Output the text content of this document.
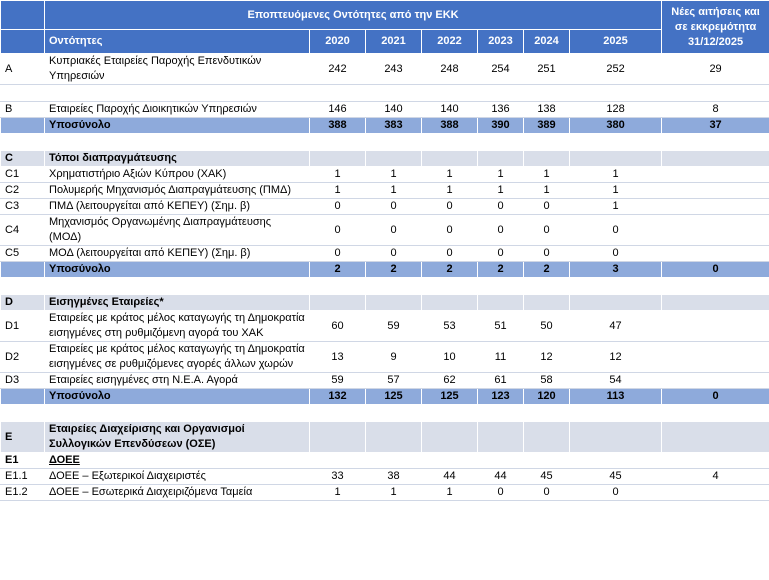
	Εποπτευόμενες Οντότητες από την ΕΚΚ							Νέες αιτήσεις και σε εκκρεμότητα 31/12/2025
	Οντότητες	2020	2021	2022	2023	2024	2025	
A	Κυπριακές Εταιρείες Παροχής Επενδυτικών Υπηρεσιών	242	243	248	254	251	252	29

B	Εταιρείες Παροχής Διοικητικών Υπηρεσιών	146	140	140	136	138	128	8
	Υποσύνολο	388	383	388	390	389	380	37

C	Τόποι διαπραγμάτευσης							
C1	Χρηματιστήριο Αξιών Κύπρου (ΧΑΚ)	1	1	1	1	1	1	
C2	Πολυμερής Μηχανισμός Διαπραγμάτευσης (ΠΜΔ)	1	1	1	1	1	1	
C3	ΠΜΔ (λειτουργείται από ΚΕΠΕΥ) (Σημ. β)	0	0	0	0	0	1	
C4	Μηχανισμός Οργανωμένης Διαπραγμάτευσης (ΜΟΔ)	0	0	0	0	0	0	
C5	ΜΟΔ (λειτουργείται από ΚΕΠΕΥ) (Σημ. β)	0	0	0	0	0	0	
	Υποσύνολο	2	2	2	2	2	3	0

D	Εισηγμένες Εταιρείες*							
D1	Εταιρείες με κράτος μέλος καταγωγής τη Δημοκρατία εισηγμένες στη ρυθμιζόμενη αγορά του ΧΑΚ	60	59	53	51	50	47	
D2	Εταιρείες με κράτος μέλος καταγωγής τη Δημοκρατία εισηγμένες σε ρυθμιζόμενες αγορές άλλων χωρών	13	9	10	11	12	12	
D3	Εταιρείες εισηγμένες στη Ν.Ε.Α. Αγορά	59	57	62	61	58	54	
	Υποσύνολο	132	125	125	123	120	113	0

E	Εταιρείες Διαχείρισης και Οργανισμοί Συλλογικών Επενδύσεων (ΟΣΕ)							
E1	ΔΟΕΕ							
E1.1	ΔΟΕΕ – Εξωτερικοί Διαχειριστές	33	38	44	44	45	45	4
E1.2	ΔΟΕΕ – Εσωτερικά Διαχειριζόμενα Ταμεία	1	1	1	0	0	0	
